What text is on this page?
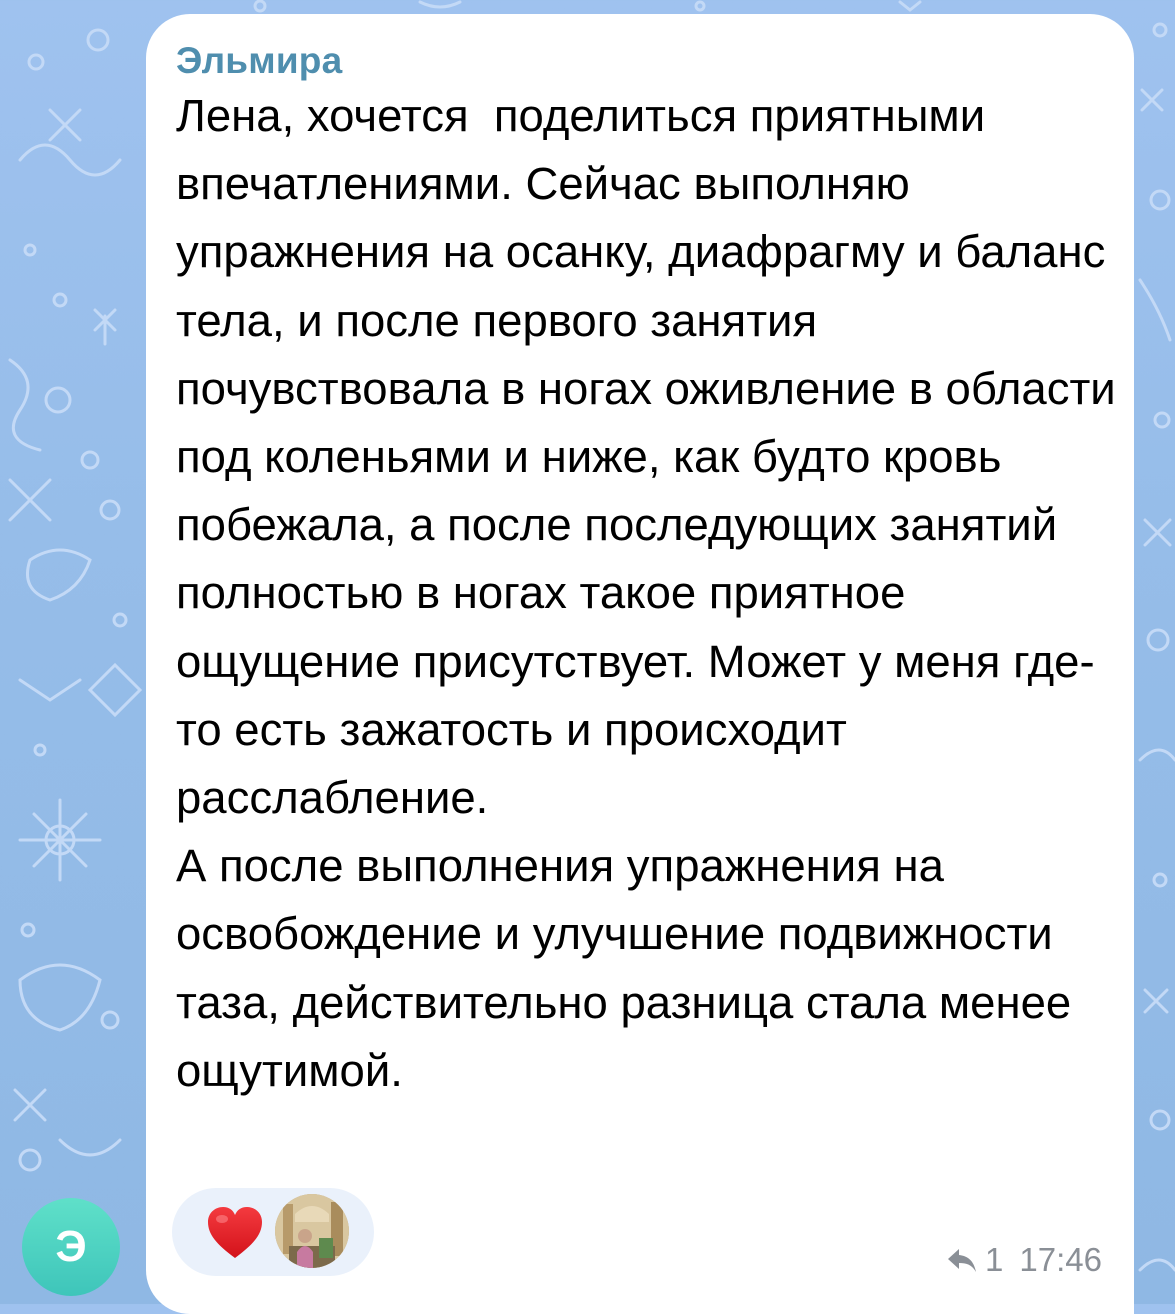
Эльмира
Лена, хочется  поделиться приятными впечатлениями. Сейчас выполняю упражнения на осанку, диафрагму и баланс тела, и после первого занятия почувствовала в ногах оживление в области под коленьями и ниже, как будто кровь побежала, а после последующих занятий полностью в ногах такое приятное ощущение присутствует. Может у меня где-то есть зажатость и происходит расслабление.
А после выполнения упражнения на освобождение и улучшение подвижности таза, действительно разница стала менее ощутимой.
1 17:46
Э
